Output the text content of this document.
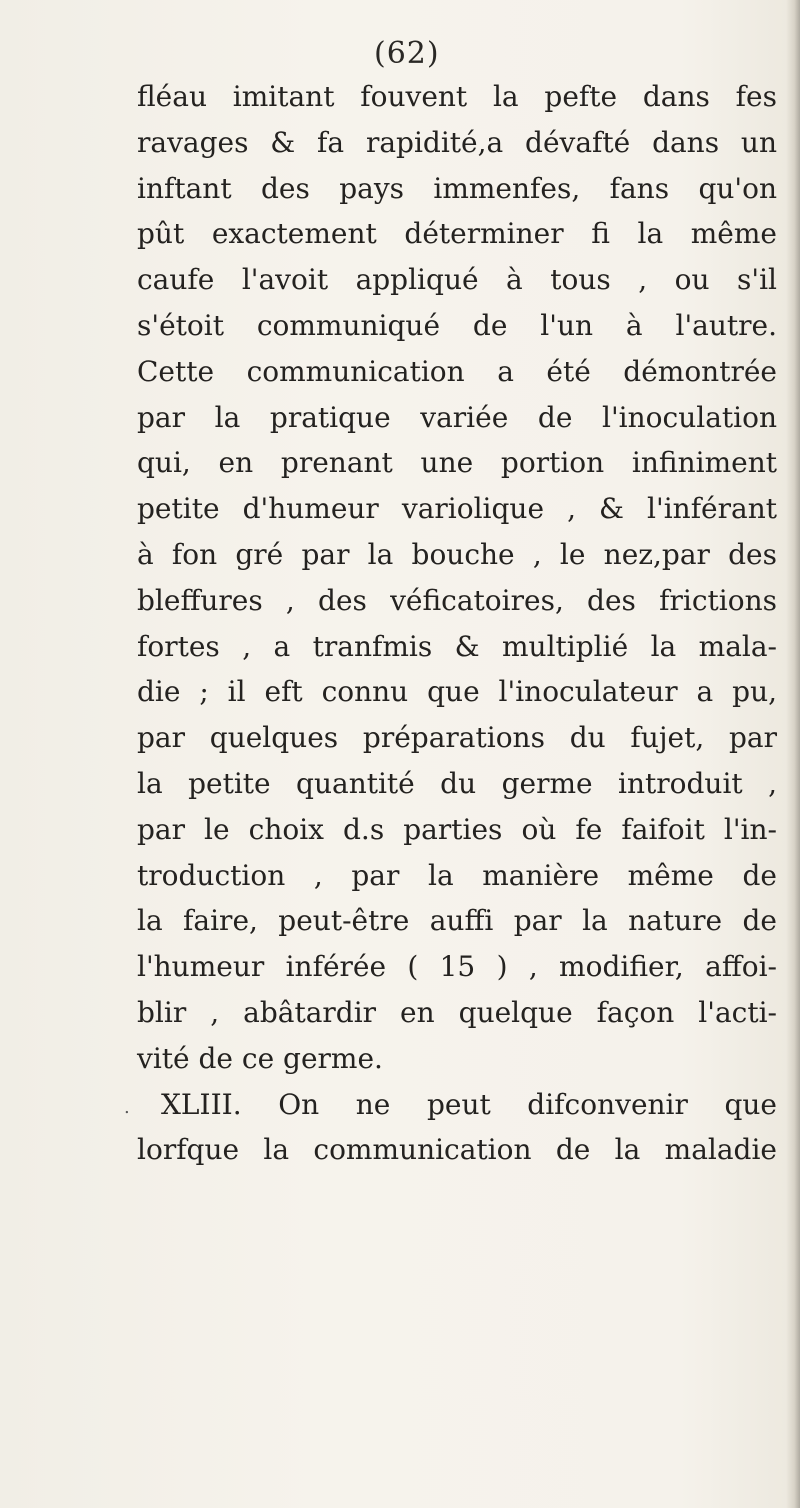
(62)
.
fléau imitant fouvent la pefte dans fes
ravages & fa rapidité,a dévafté dans un
inftant des pays immenfes, fans qu'on
pût exactement déterminer fi la même
caufe l'avoit appliqué à tous , ou s'il
s'étoit communiqué de l'un à l'autre.
Cette communication a été démontrée
par la pratique variée de l'inoculation
qui, en prenant une portion infiniment
petite d'humeur variolique , & l'inférant
à fon gré par la bouche , le nez,par des
bleffures , des véficatoires, des frictions
fortes , a tranfmis & multiplié la mala-
die ; il eft connu que l'inoculateur a pu,
par quelques préparations du fujet, par
la petite quantité du germe introduit ,
par le choix d.s parties où fe faifoit l'in-
troduction , par la manière même de
la faire, peut-être auffi par la nature de
l'humeur inférée ( 15 ) , modifier, affoi-
blir , abâtardir en quelque façon l'acti-
vité de ce germe.
XLIII. On ne peut difconvenir que
lorfque la communication de la maladie
